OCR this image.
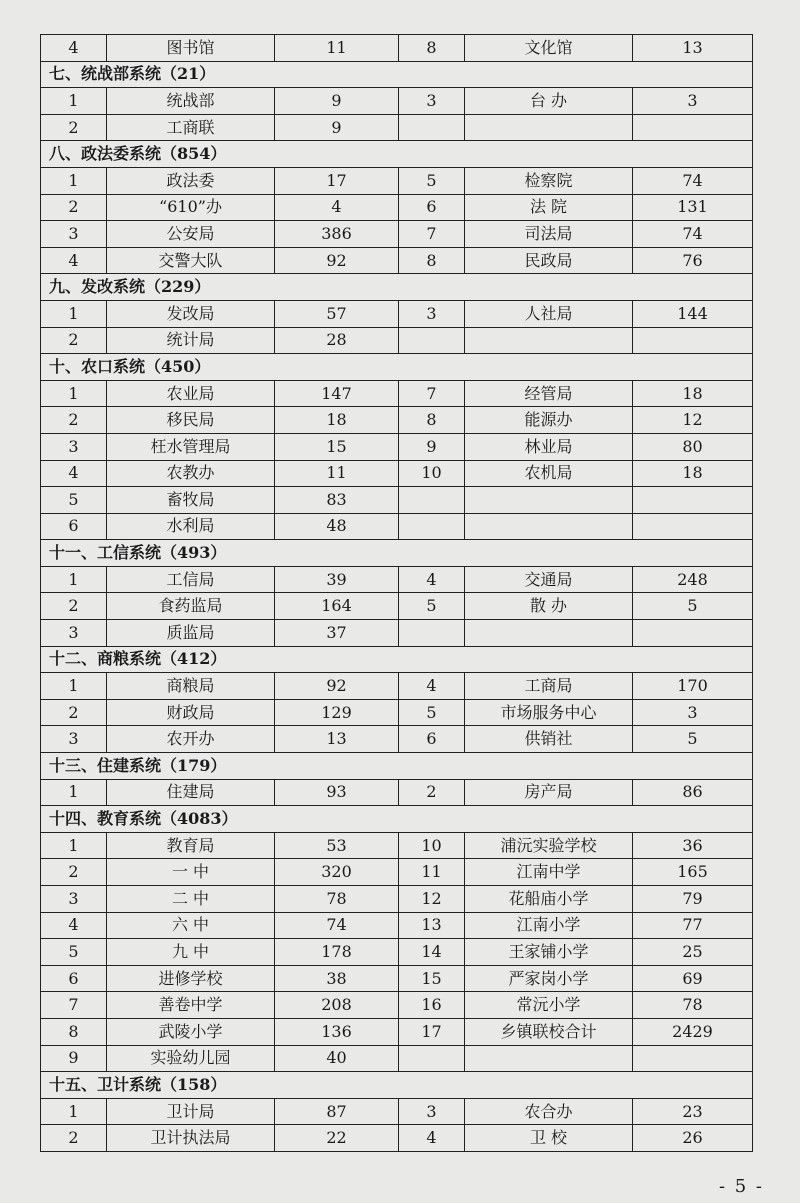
4	图书馆	11	8	文化馆	13
七、统战部系统（21）					
1	统战部	9	3	台 办	3
2	工商联	9			
八、政法委系统（854）					
1	政法委	17	5	检察院	74
2	“610”办	4	6	法 院	131
3	公安局	386	7	司法局	74
4	交警大队	92	8	民政局	76
九、发改系统（229）					
1	发改局	57	3	人社局	144
2	统计局	28			
十、农口系统（450）					
1	农业局	147	7	经管局	18
2	移民局	18	8	能源办	12
3	枉水管理局	15	9	林业局	80
4	农教办	11	10	农机局	18
5	畜牧局	83			
6	水利局	48			
十一、工信系统（493）					
1	工信局	39	4	交通局	248
2	食药监局	164	5	散 办	5
3	质监局	37			
十二、商粮系统（412）					
1	商粮局	92	4	工商局	170
2	财政局	129	5	市场服务中心	3
3	农开办	13	6	供销社	5
十三、住建系统（179）					
1	住建局	93	2	房产局	86
十四、教育系统（4083）					
1	教育局	53	10	浦沅实验学校	36
2	一 中	320	11	江南中学	165
3	二 中	78	12	花船庙小学	79
4	六 中	74	13	江南小学	77
5	九 中	178	14	王家铺小学	25
6	进修学校	38	15	严家岗小学	69
7	善卷中学	208	16	常沅小学	78
8	武陵小学	136	17	乡镇联校合计	2429
9	实验幼儿园	40			
十五、卫计系统（158）					
1	卫计局	87	3	农合办	23
2	卫计执法局	22	4	卫 校	26
- 5 -
